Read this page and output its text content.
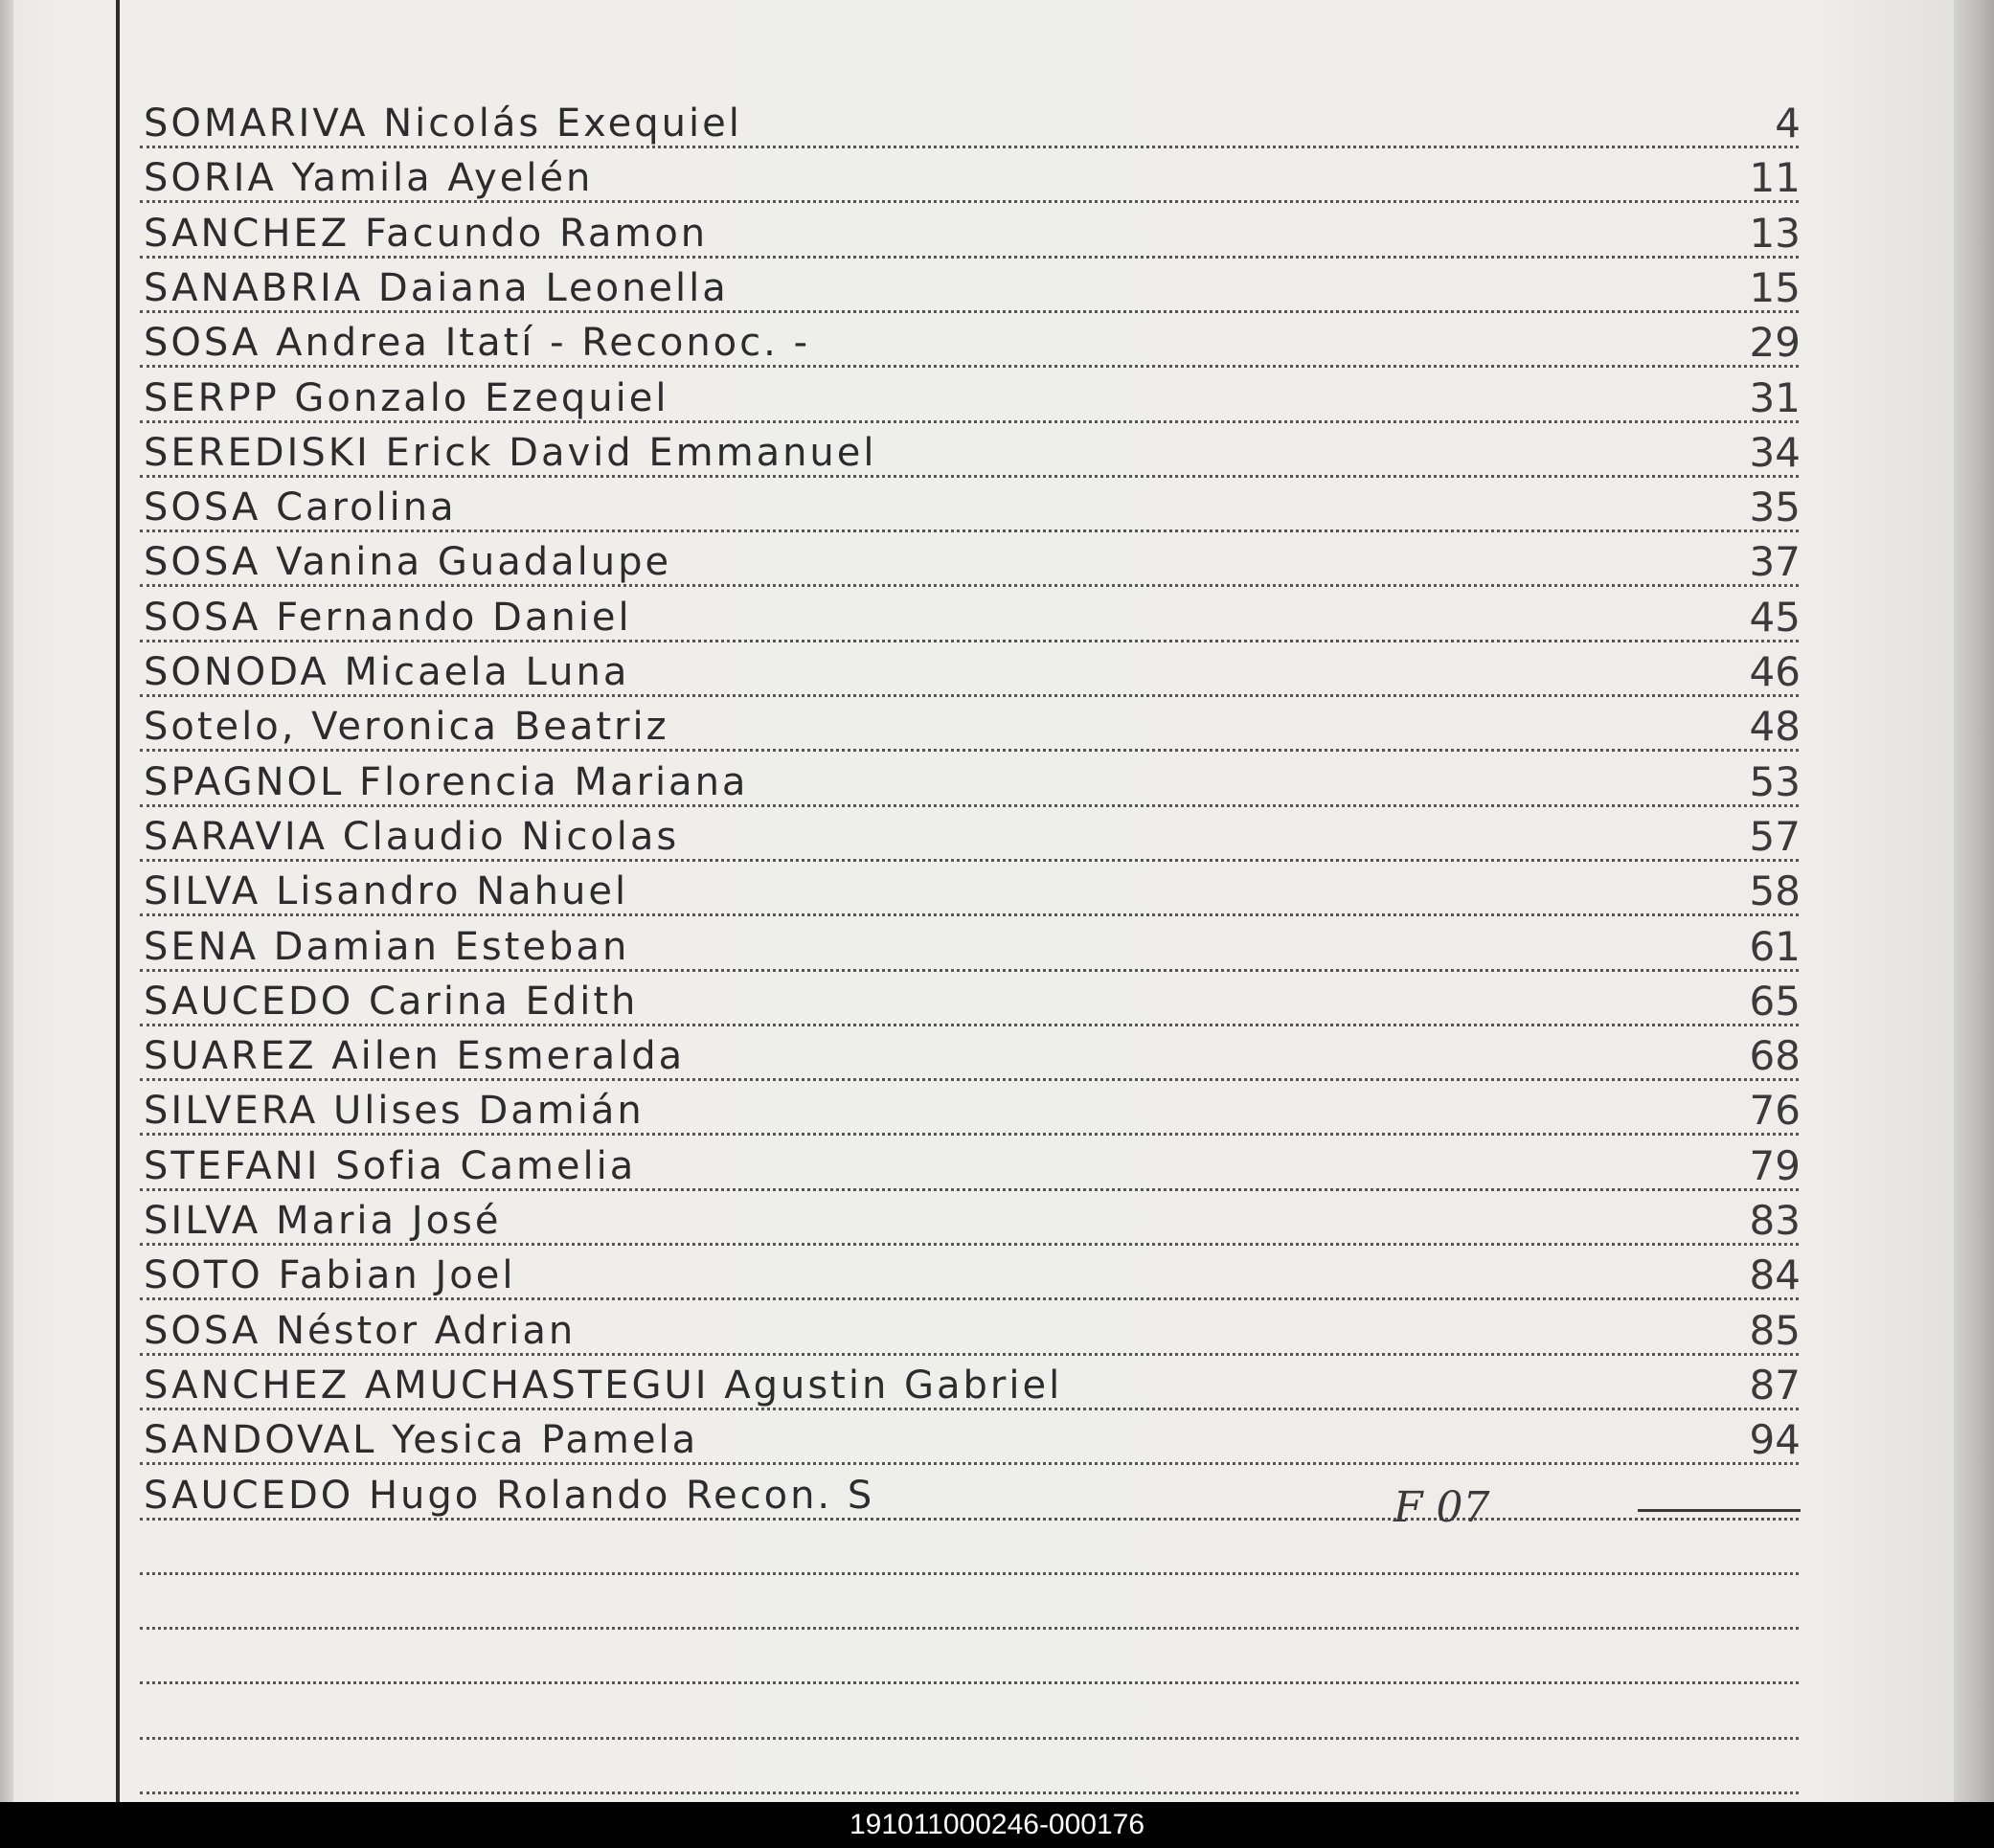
SOMARIVA Nicolás Exequiel	4
SORIA Yamila Ayelén	11
SANCHEZ Facundo Ramon	13
SANABRIA Daiana Leonella	15
SOSA Andrea Itatí - Reconoc. -	29
SERPP Gonzalo Ezequiel	31
SEREDISKI Erick David Emmanuel	34
SOSA Carolina	35
SOSA Vanina Guadalupe	37
SOSA Fernando Daniel	45
SONODA Micaela Luna	46
Sotelo, Veronica Beatriz	48
SPAGNOL Florencia Mariana	53
SARAVIA Claudio Nicolas	57
SILVA Lisandro Nahuel	58
SENA Damian Esteban	61
SAUCEDO Carina Edith	65
SUAREZ Ailen Esmeralda	68
SILVERA Ulises Damián	76
STEFANI Sofia Camelia	79
SILVA Maria José	83
SOTO Fabian Joel	84
SOSA Néstor Adrian	85
SANCHEZ AMUCHASTEGUI Agustin Gabriel	87
SANDOVAL Yesica Pamela	94
SAUCEDO Hugo Rolando Recon. S	F 07
191011000246-000176
